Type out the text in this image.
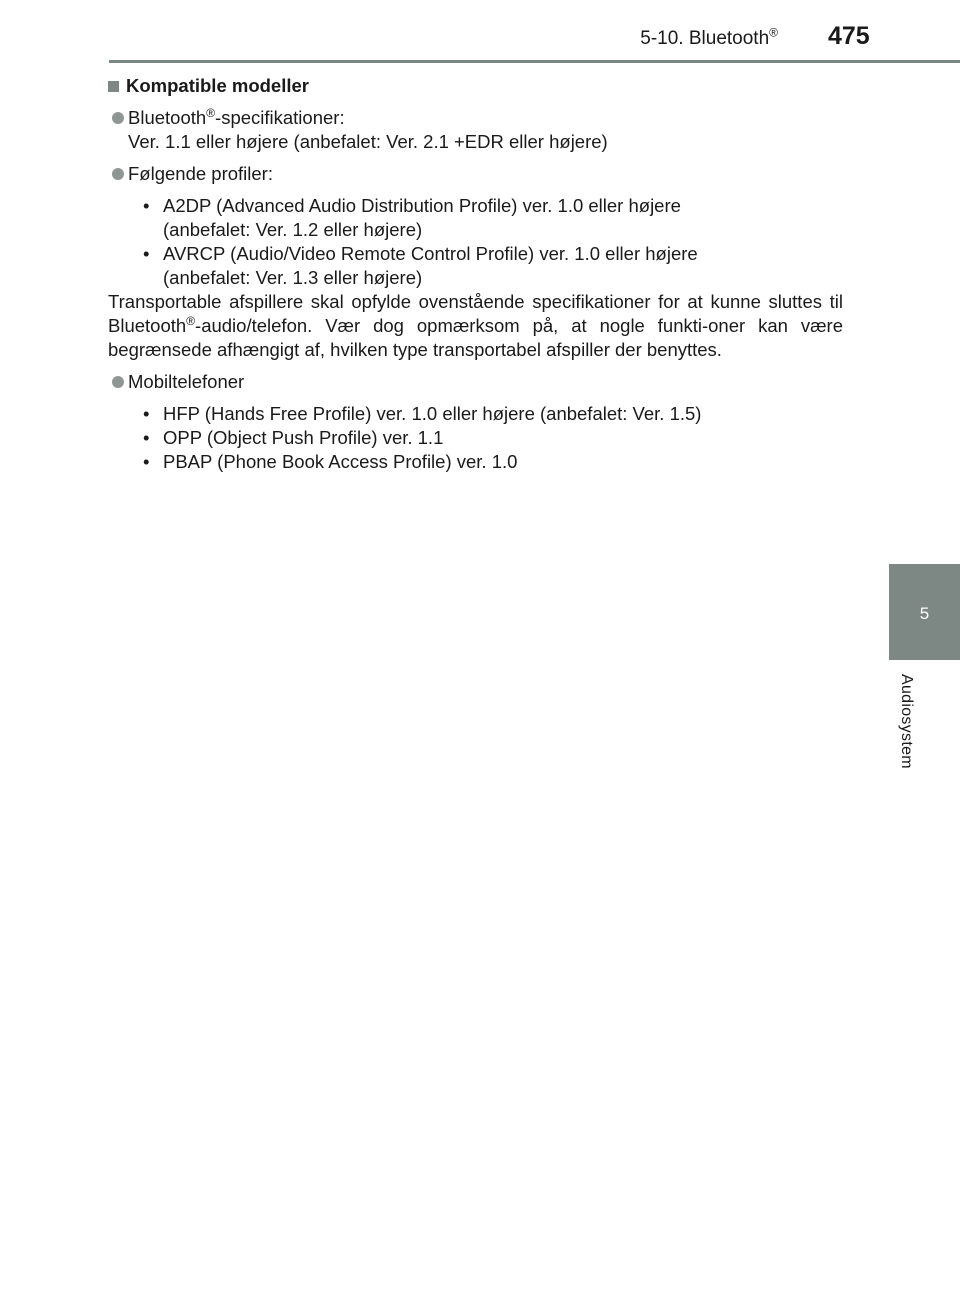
5-10. Bluetooth® 475
5
Audiosystem
Kompatible modeller
Bluetooth®-specifikationer:
Ver. 1.1 eller højere (anbefalet: Ver. 2.1 +EDR eller højere)
Følgende profiler:
• A2DP (Advanced Audio Distribution Profile) ver. 1.0 eller højere
(anbefalet: Ver. 1.2 eller højere)
• AVRCP (Audio/Video Remote Control Profile) ver. 1.0 eller højere
(anbefalet: Ver. 1.3 eller højere)
Transportable afspillere skal opfylde ovenstående specifikationer for at kunne sluttes til Bluetooth®-audio/telefon. Vær dog opmærksom på, at nogle funkti-oner kan være begrænsede afhængigt af, hvilken type transportabel afspiller der benyttes.
Mobiltelefoner
• HFP (Hands Free Profile) ver. 1.0 eller højere (anbefalet: Ver. 1.5)
• OPP (Object Push Profile) ver. 1.1
• PBAP (Phone Book Access Profile) ver. 1.0
